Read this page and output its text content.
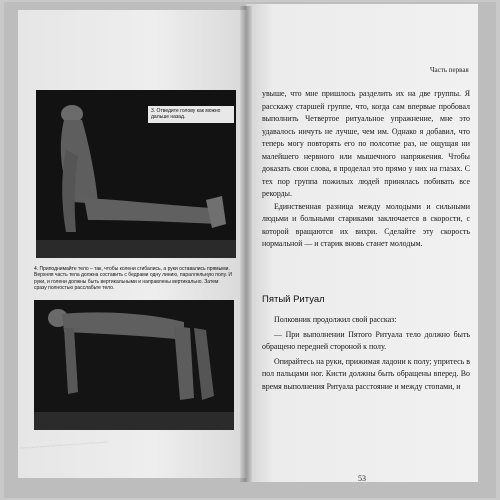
3. Отведите голову как можно дальше назад.
4. Приподнимайте тело – так, чтобы колени сгибались, а руки оставались прямыми. Верхняя часть тела должна составить с бедрами одну линию, параллельную полу. И руки, и голени должны быть вертикальными и направлены вертикально. Затем сразу полностью расслабьте тело.
~~~~~~~~~~~~~~~~~~
Часть первая

увыше, что мне пришлось разделить их на две группы. Я расскажу старшей группе, что, когда сам впервые пробовал выполнить Четвертое ритуальное упражнение, мне это удавалось ничуть не лучше, чем им. Однако я добавил, что теперь могу повторять его по полсотне раз, не ощущая ни малейшего нервного или мышечного напряжения. Чтобы доказать свои слова, я проделал это прямо у них на глазах. С тех пор группа пожилых людей принялась побивать все рекорды.

Единственная разница между молодыми и сильными людьми и больными стариками заключается в скорости, с которой вращаются их вихри. Сделайте эту скорость нормальной — и старик вновь станет молодым.

Пятый Ритуал

Полковник продолжил свой рассказ:

— При выполнении Пятого Ритуала тело должно быть обращено передней стороной к полу.

Опирайтесь на руки, прижимая ладони к полу; упритесь в пол пальцами ног. Кисти должны быть обращены вперед. Во время выполнения Ритуала расстояние и между стопами, и

53
